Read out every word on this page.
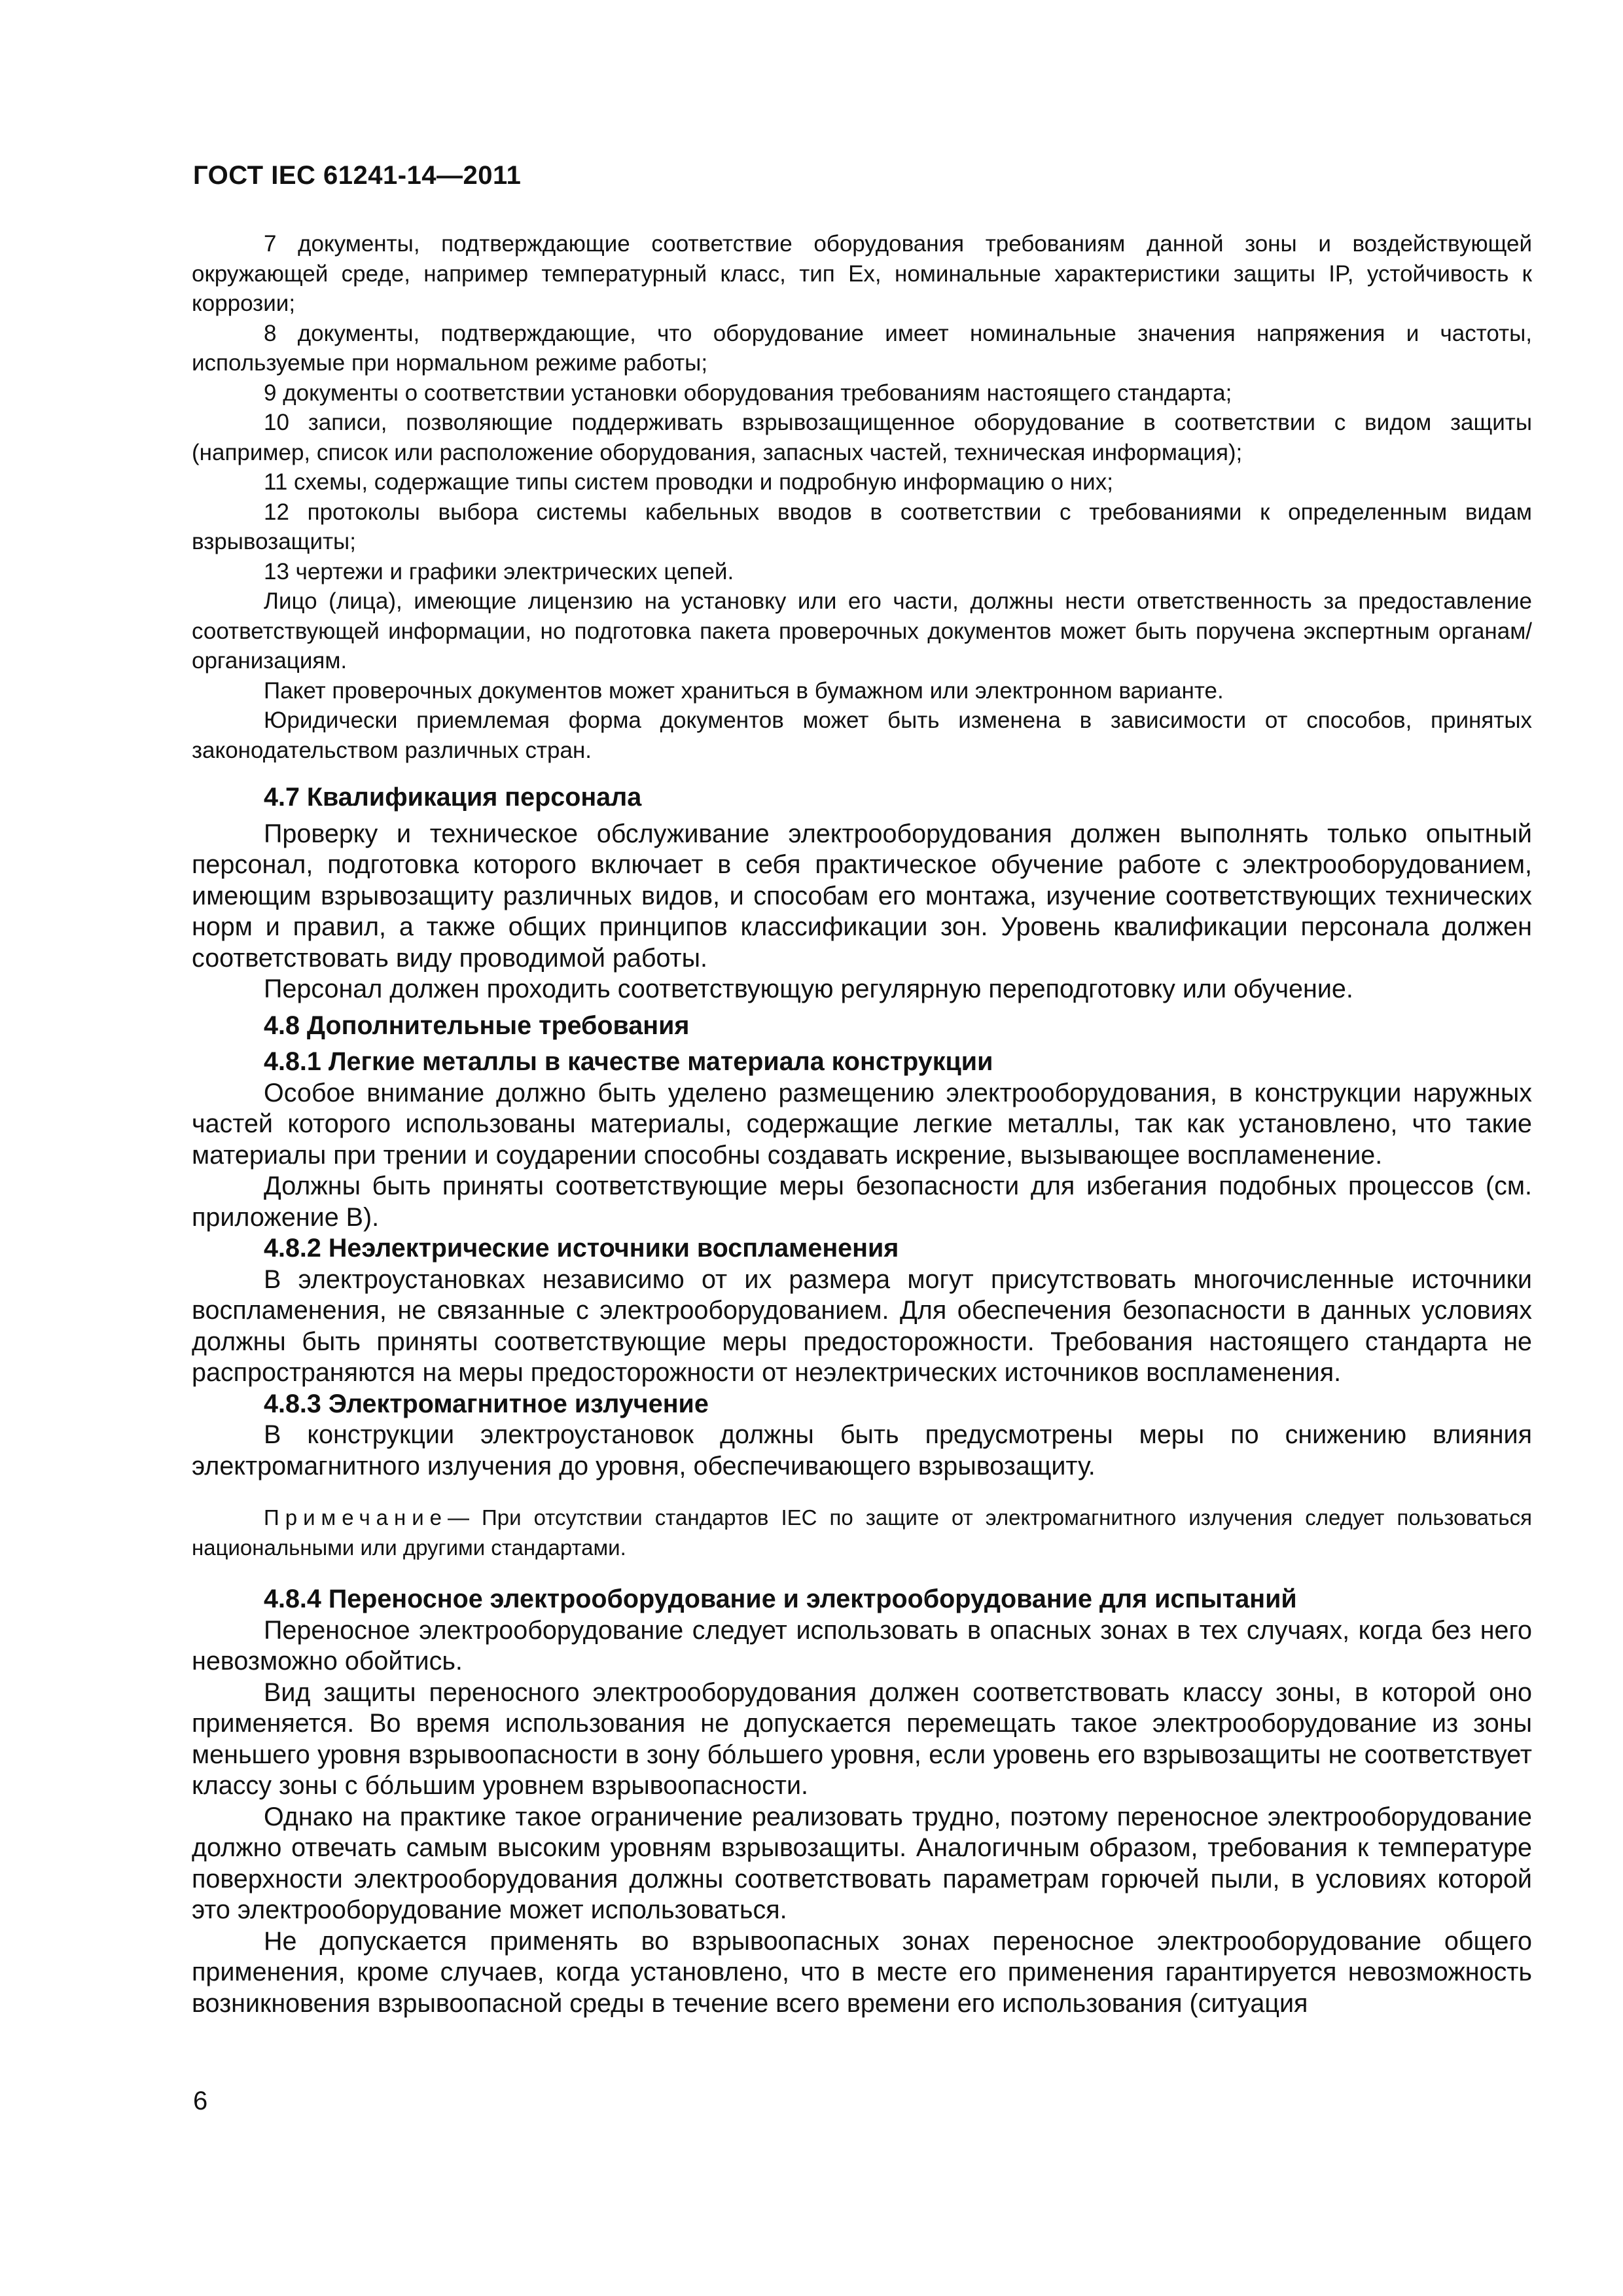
ГОСТ IEC 61241-14—2011

7 документы, подтверждающие соответствие оборудования требованиям данной зоны и воздействующей окружающей среде, например температурный класс, тип Ex, номинальные характеристики защиты IP, устойчивость к коррозии;

8 документы, подтверждающие, что оборудование имеет номинальные значения напряжения и частоты, используемые при нормальном режиме работы;

9 документы о соответствии установки оборудования требованиям настоящего стандарта;

10 записи, позволяющие поддерживать взрывозащищенное оборудование в соответствии с видом защиты (например, список или расположение оборудования, запасных частей, техническая информация);

11 схемы, содержащие типы систем проводки и подробную информацию о них;

12 протоколы выбора системы кабельных вводов в соответствии с требованиями к определенным видам взрывозащиты;

13 чертежи и графики электрических цепей.

Лицо (лица), имеющие лицензию на установку или его части, должны нести ответственность за предоставление соответствующей информации, но подготовка пакета проверочных документов может быть поручена экспертным органам/организациям.

Пакет проверочных документов может храниться в бумажном или электронном варианте.

Юридически приемлемая форма документов может быть изменена в зависимости от способов, принятых законодательством различных стран.

4.7 Квалификация персонала

Проверку и техническое обслуживание электрооборудования должен выполнять только опытный персонал, подготовка которого включает в себя практическое обучение работе с электрооборудованием, имеющим взрывозащиту различных видов, и способам его монтажа, изучение соответствующих технических норм и правил, а также общих принципов классификации зон. Уровень квалификации персонала должен соответствовать виду проводимой работы.

Персонал должен проходить соответствующую регулярную переподготовку или обучение.

4.8 Дополнительные требования

4.8.1 Легкие металлы в качестве материала конструкции

Особое внимание должно быть уделено размещению электрооборудования, в конструкции наружных частей которого использованы материалы, содержащие легкие металлы, так как установлено, что такие материалы при трении и соударении способны создавать искрение, вызывающее воспламенение.

Должны быть приняты соответствующие меры безопасности для избегания подобных процессов (см. приложение В).

4.8.2 Неэлектрические источники воспламенения

В электроустановках независимо от их размера могут присутствовать многочисленные источники воспламенения, не связанные с электрооборудованием. Для обеспечения безопасности в данных условиях должны быть приняты соответствующие меры предосторожности. Требования настоящего стандарта не распространяются на меры предосторожности от неэлектрических источников воспламенения.

4.8.3 Электромагнитное излучение

В конструкции электроустановок должны быть предусмотрены меры по снижению влияния электромагнитного излучения до уровня, обеспечивающего взрывозащиту.

Примечание— При отсутствии стандартов IEC по защите от электромагнитного излучения следует пользоваться национальными или другими стандартами.

4.8.4 Переносное электрооборудование и электрооборудование для испытаний

Переносное электрооборудование следует использовать в опасных зонах в тех случаях, когда без него невозможно обойтись.

Вид защиты переносного электрооборудования должен соответствовать классу зоны, в которой оно применяется. Во время использования не допускается перемещать такое электрооборудование из зоны меньшего уровня взрывоопасности в зону бóльшего уровня, если уровень его взрывозащиты не соответствует классу зоны с бóльшим уровнем взрывоопасности.

Однако на практике такое ограничение реализовать трудно, поэтому переносное электрооборудование должно отвечать самым высоким уровням взрывозащиты. Аналогичным образом, требования к температуре поверхности электрооборудования должны соответствовать параметрам горючей пыли, в условиях которой это электрооборудование может использоваться.

Не допускается применять во взрывоопасных зонах переносное электрооборудование общего применения, кроме случаев, когда установлено, что в месте его применения гарантируется невозможность возникновения взрывоопасной среды в течение всего времени его использования (ситуация

6
